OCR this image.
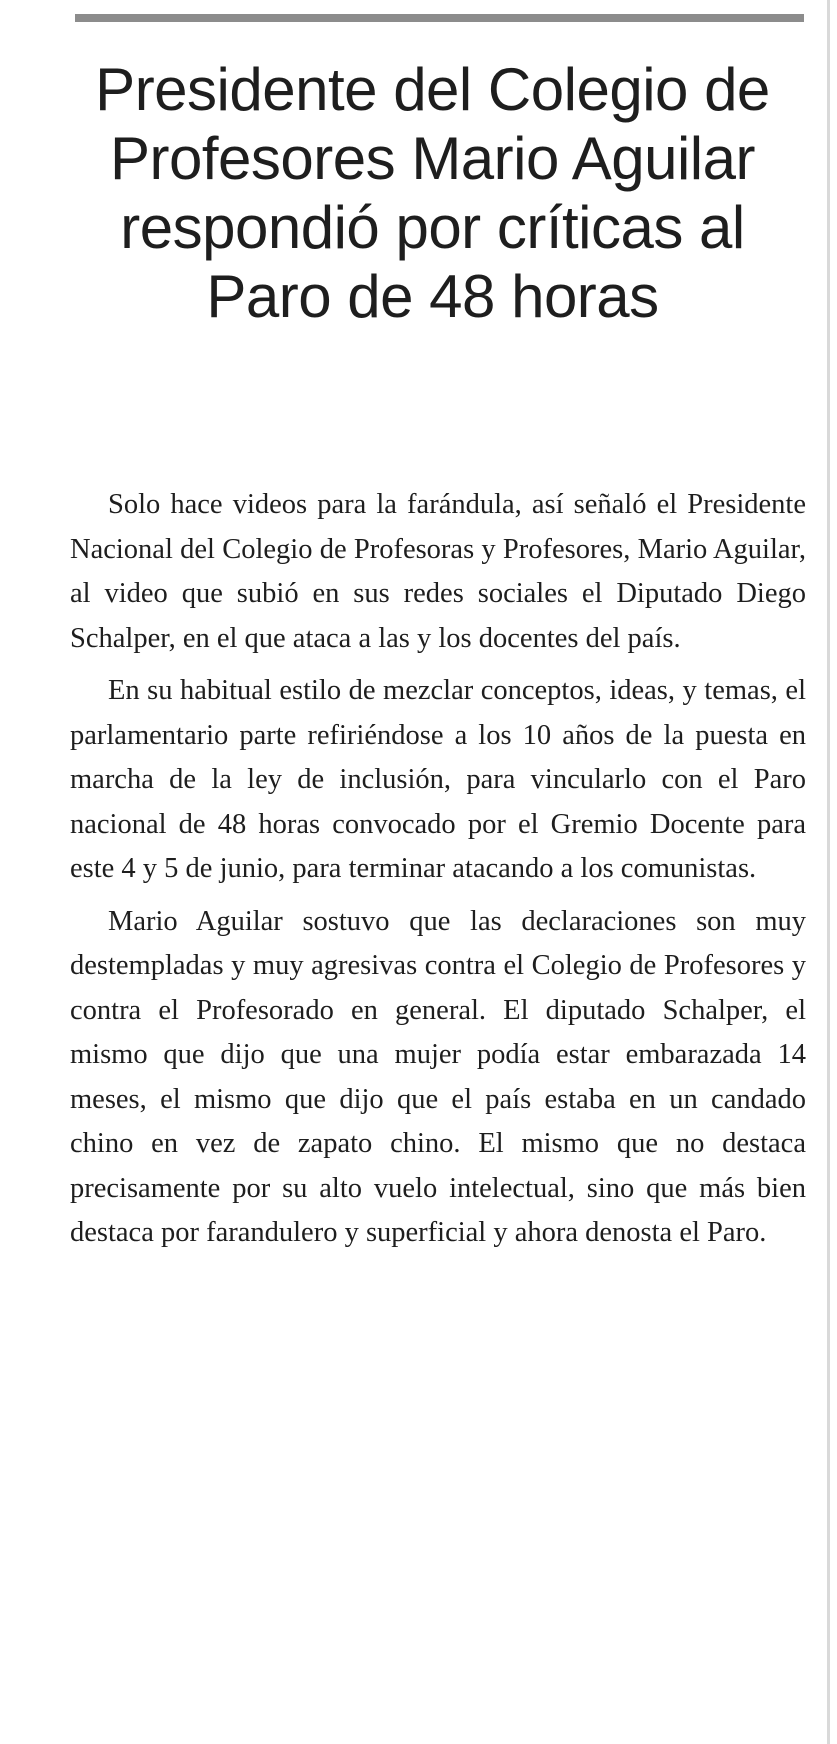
Presidente del Colegio de Profesores Mario Aguilar respondió por críticas al Paro de 48 horas

Solo hace videos para la farándula, así señaló el Presidente Nacional del Colegio de Profesoras y Profesores, Mario Aguilar, al video que subió en sus redes sociales el Diputado Diego Schalper, en el que ataca a las y los docentes del país.

En su habitual estilo de mezclar conceptos, ideas, y temas, el parlamentario parte refiriéndose a los 10 años de la puesta en marcha de la ley de inclusión, para vincularlo con el Paro nacional de 48 horas convocado por el Gremio Docente para este 4 y 5 de junio, para terminar atacando a los comunistas.

Mario Aguilar sostuvo que las declaraciones son muy destempladas y muy agresivas contra el Colegio de Profesores y contra el Profesorado en general. El diputado Schalper, el mismo que dijo que una mujer podía estar embarazada 14 meses, el mismo que dijo que el país estaba en un candado chino en vez de zapato chino. El mismo que no destaca precisamente por su alto vuelo intelectual, sino que más bien destaca por farandulero y superficial y ahora denosta el Paro.
